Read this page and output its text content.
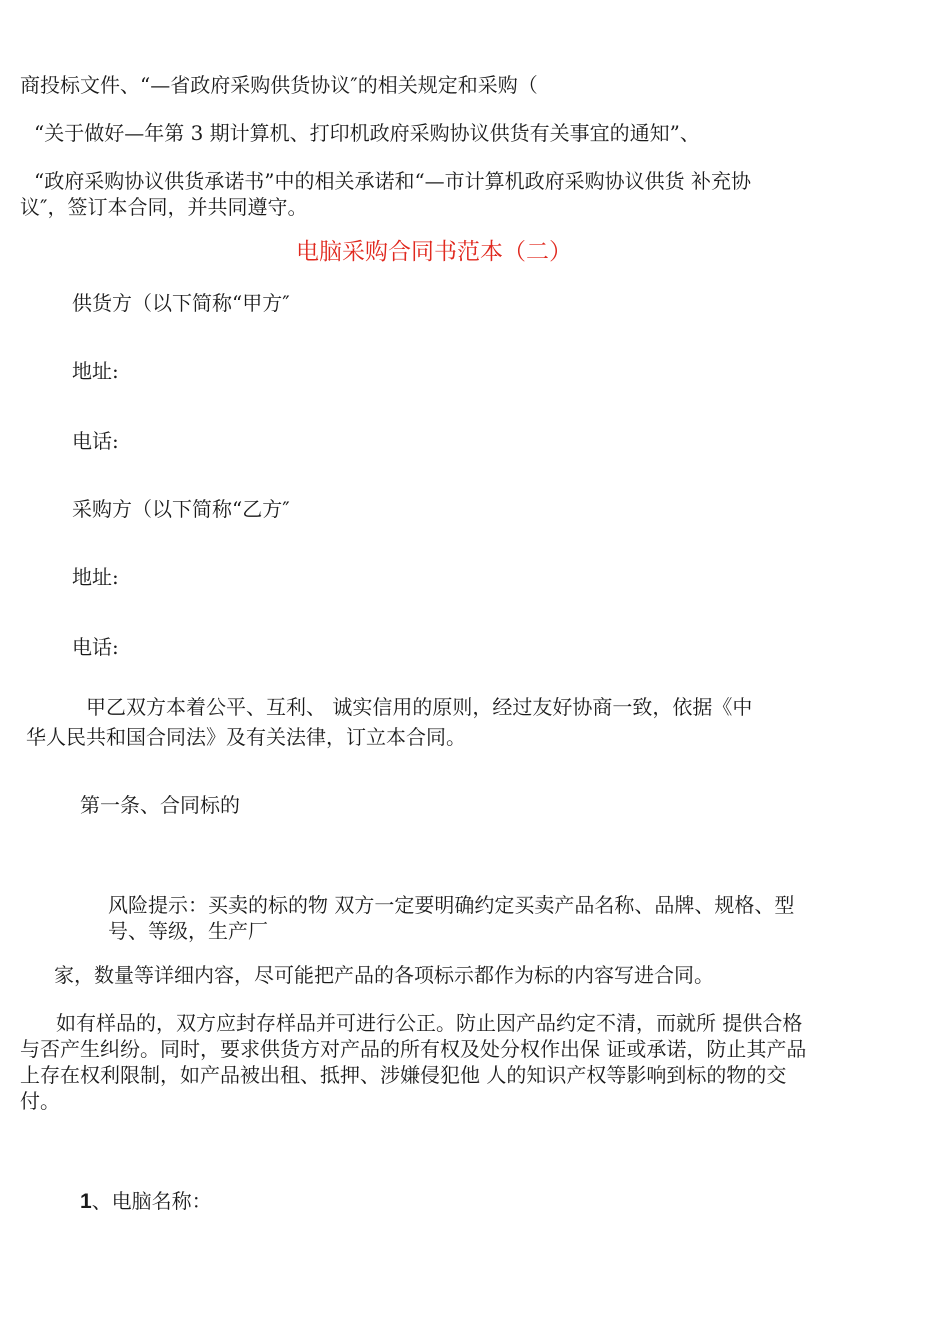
商投标文件、“—省政府采购供货协议″的相关规定和采购（

“关于做好—年第 3 期计算机、打印机政府采购协议供货有关事宜的通知”、

“政府采购协议供货承诺书”中的相关承诺和“—市计算机政府采购协议供货 补充协

议″，签订本合同，并共同遵守。

电脑采购合同书范本（二）

供货方（以下简称“甲方″

地址:

电话:

采购方（以下简称“乙方″

地址:

电话:

甲乙双方本着公平、互利、 诚实信用的原则，经过友好协商一致，依据《中

华人民共和国合同法》及有关法律，订立本合同。

第一条、合同标的

风险提示：买卖的标的物 双方一定要明确约定买卖产品名称、品牌、规格、型

号、等级，生产厂

家，数量等详细内容，尽可能把产品的各项标示都作为标的内容写进合同。

如有样品的，双方应封存样品并可进行公正。防止因产品约定不清，而就所 提供合格

与否产生纠纷。同时，要求供货方对产品的所有权及处分权作出保 证或承诺，防止其产品

上存在权利限制，如产品被出租、抵押、涉嫌侵犯他 人的知识产权等影响到标的物的交

付。

1、电脑名称：
